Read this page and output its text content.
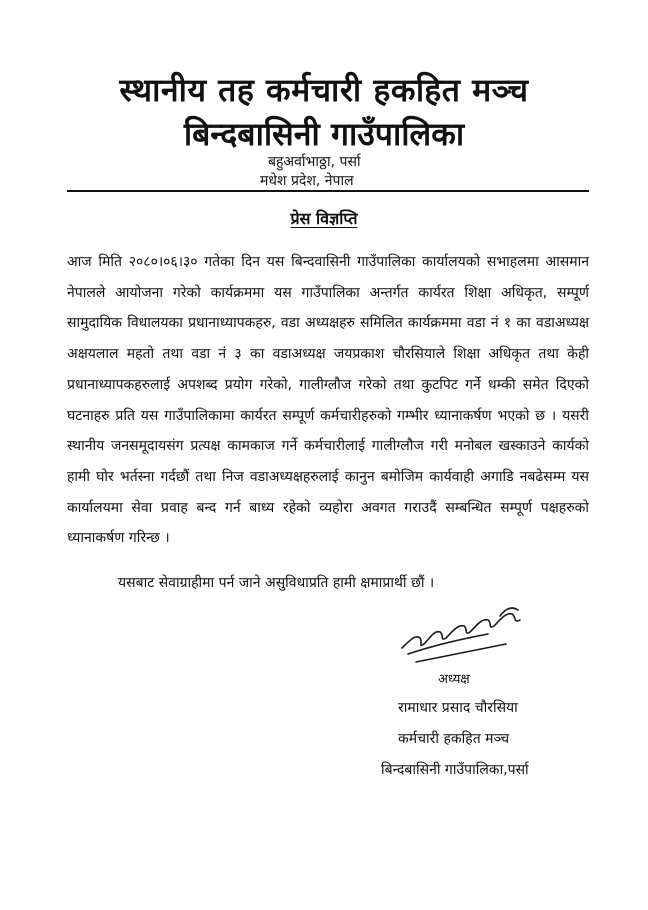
स्थानीय तह कर्मचारी हकहित मञ्च
बिन्दबासिनी गाउँपालिका
बहुअर्वाभाठ्ठा, पर्सा
मधेश प्रदेश, नेपाल
प्रेस विज्ञप्ति
आज मिति २०८०।०६।३० गतेका दिन यस बिन्दवासिनी गाउँपालिका कार्यालयको सभाहलमा आसमान नेपालले आयोजना गरेको कार्यक्रममा यस गाउँपालिका अन्तर्गत कार्यरत शिक्षा अधिकृत, सम्पूर्ण सामुदायिक विधालयका प्रधानाध्यापकहरु, वडा अध्यक्षहरु समिलित कार्यक्रममा वडा नं १ का वडाअध्यक्ष अक्षयलाल महतो तथा वडा नं ३ का वडाअध्यक्ष जयप्रकाश चौरसियाले शिक्षा अधिकृत तथा केही प्रधानाध्यापकहरुलाई अपशब्द प्रयोग गरेको, गालीग्लौज गरेको तथा कुटपिट गर्ने धम्की समेत दिएको घटनाहरु प्रति यस गाउँपालिकामा कार्यरत सम्पूर्ण कर्मचारीहरुको गम्भीर ध्यानाकर्षण भएको छ । यसरी स्थानीय जनसमूदायसंग प्रत्यक्ष कामकाज गर्ने कर्मचारीलाई गालीग्लौज गरी मनोबल खस्काउने कार्यको हामी घोर भर्तस्ना गर्दछौं तथा निज वडाअध्यक्षहरुलाई कानुन बमोजिम कार्यवाही अगाडि नबढेसम्म यस कार्यालयमा सेवा प्रवाह बन्द गर्न बाध्य रहेको व्यहोरा अवगत गराउदैं सम्बन्धित सम्पूर्ण पक्षहरुको ध्यानाकर्षण गरिन्छ ।
यसबाट सेवाग्राहीमा पर्न जाने असुविधाप्रति हामी क्षमाप्रार्थी छौं ।
अध्यक्ष
रामाधार प्रसाद चौरसिया
कर्मचारी हकहित मञ्च
बिन्दबासिनी गाउँपालिका,पर्सा
